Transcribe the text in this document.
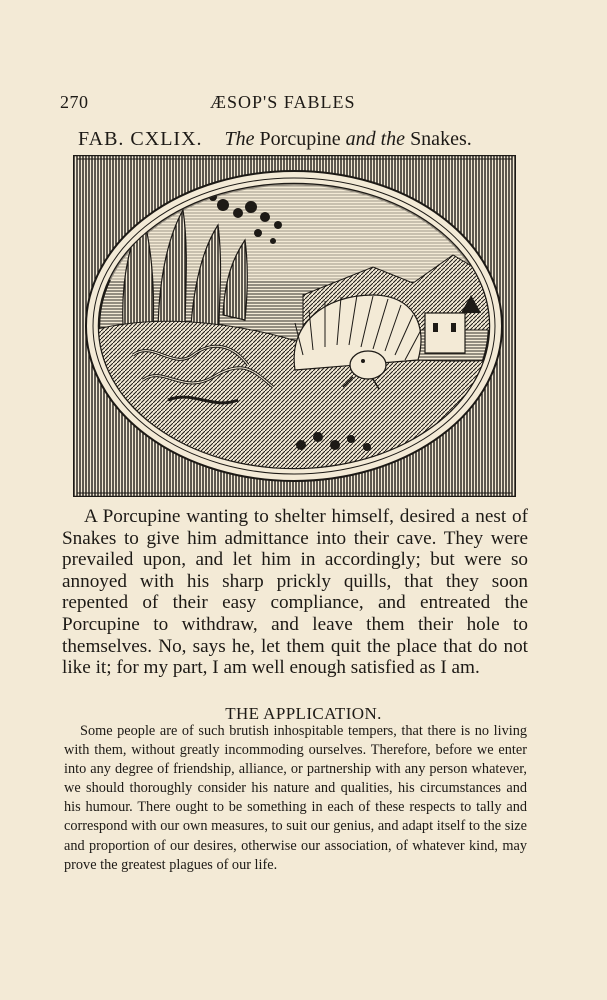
270	ÆSOP'S FABLES
FAB. CXLIX. The Porcupine and the Snakes.

A Porcupine wanting to shelter himself, desired a nest of Snakes to give him admittance into their cave. They were prevailed upon, and let him in accordingly; but were so annoyed with his sharp prickly quills, that they soon repented of their easy compliance, and entreated the Porcupine to withdraw, and leave them their hole to themselves. No, says he, let them quit the place that do not like it; for my part, I am well enough satisfied as I am.

THE APPLICATION.

Some people are of such brutish inhospitable tempers, that there is no living with them, without greatly incommoding ourselves. Therefore, before we enter into any degree of friendship, alliance, or partnership with any person whatever, we should thoroughly consider his nature and qualities, his circumstances and his humour. There ought to be something in each of these respects to tally and correspond with our own measures, to suit our genius, and adapt itself to the size and proportion of our desires, otherwise our association, of whatever kind, may prove the greatest plagues of our life.
